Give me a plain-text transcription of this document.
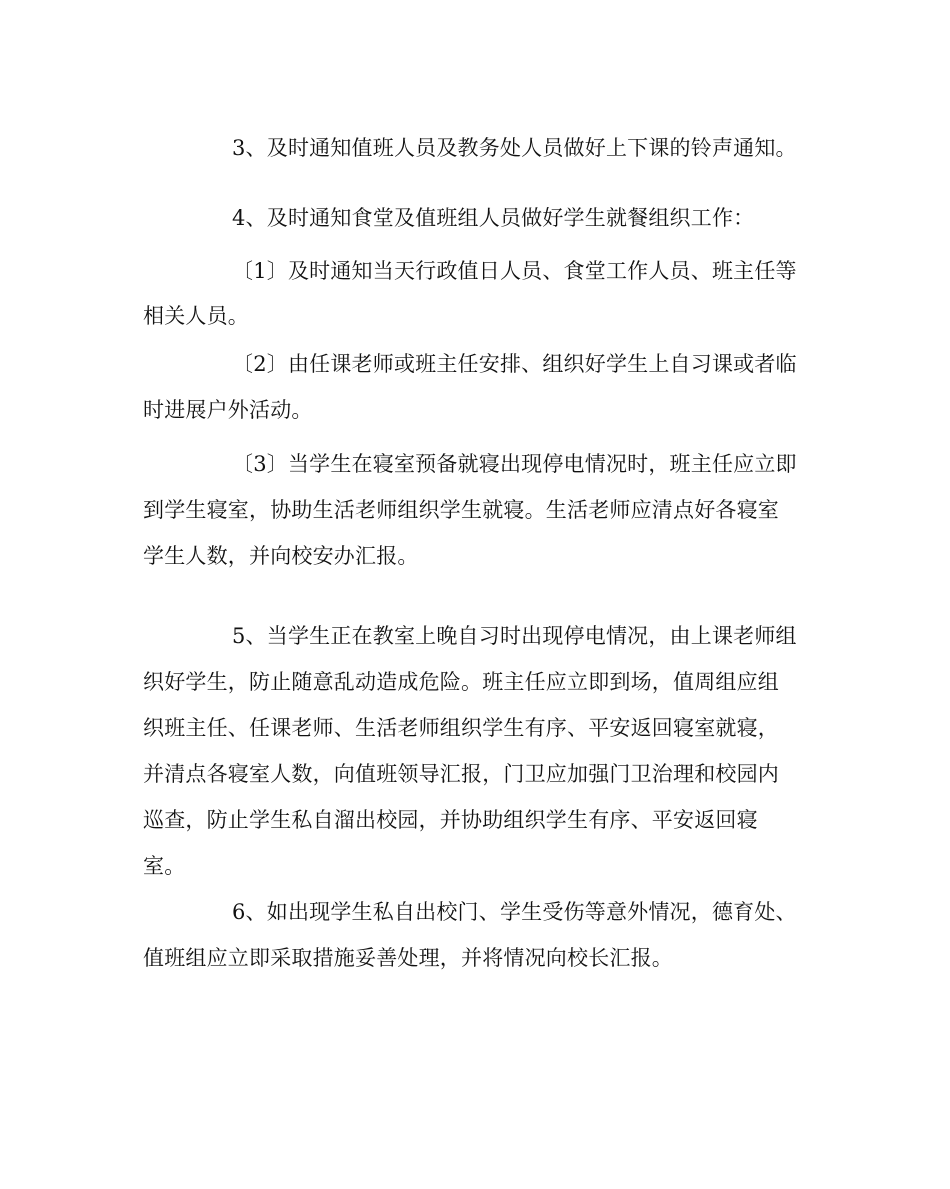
3、及时通知值班人员及教务处人员做好上下课的铃声通知。
4、及时通知食堂及值班组人员做好学生就餐组织工作：
〔1〕及时通知当天行政值日人员、食堂工作人员、班主任等
相关人员。
〔2〕由任课老师或班主任安排、组织好学生上自习课或者临
时进展户外活动。
〔3〕当学生在寝室预备就寝出现停电情况时，班主任应立即
到学生寝室，协助生活老师组织学生就寝。生活老师应清点好各寝室
学生人数，并向校安办汇报。
5、当学生正在教室上晚自习时出现停电情况，由上课老师组
织好学生，防止随意乱动造成危险。班主任应立即到场，值周组应组
织班主任、任课老师、生活老师组织学生有序、平安返回寝室就寝，
并清点各寝室人数，向值班领导汇报，门卫应加强门卫治理和校园内
巡查，防止学生私自溜出校园，并协助组织学生有序、平安返回寝
室。
6、如出现学生私自出校门、学生受伤等意外情况，德育处、
值班组应立即采取措施妥善处理，并将情况向校长汇报。
